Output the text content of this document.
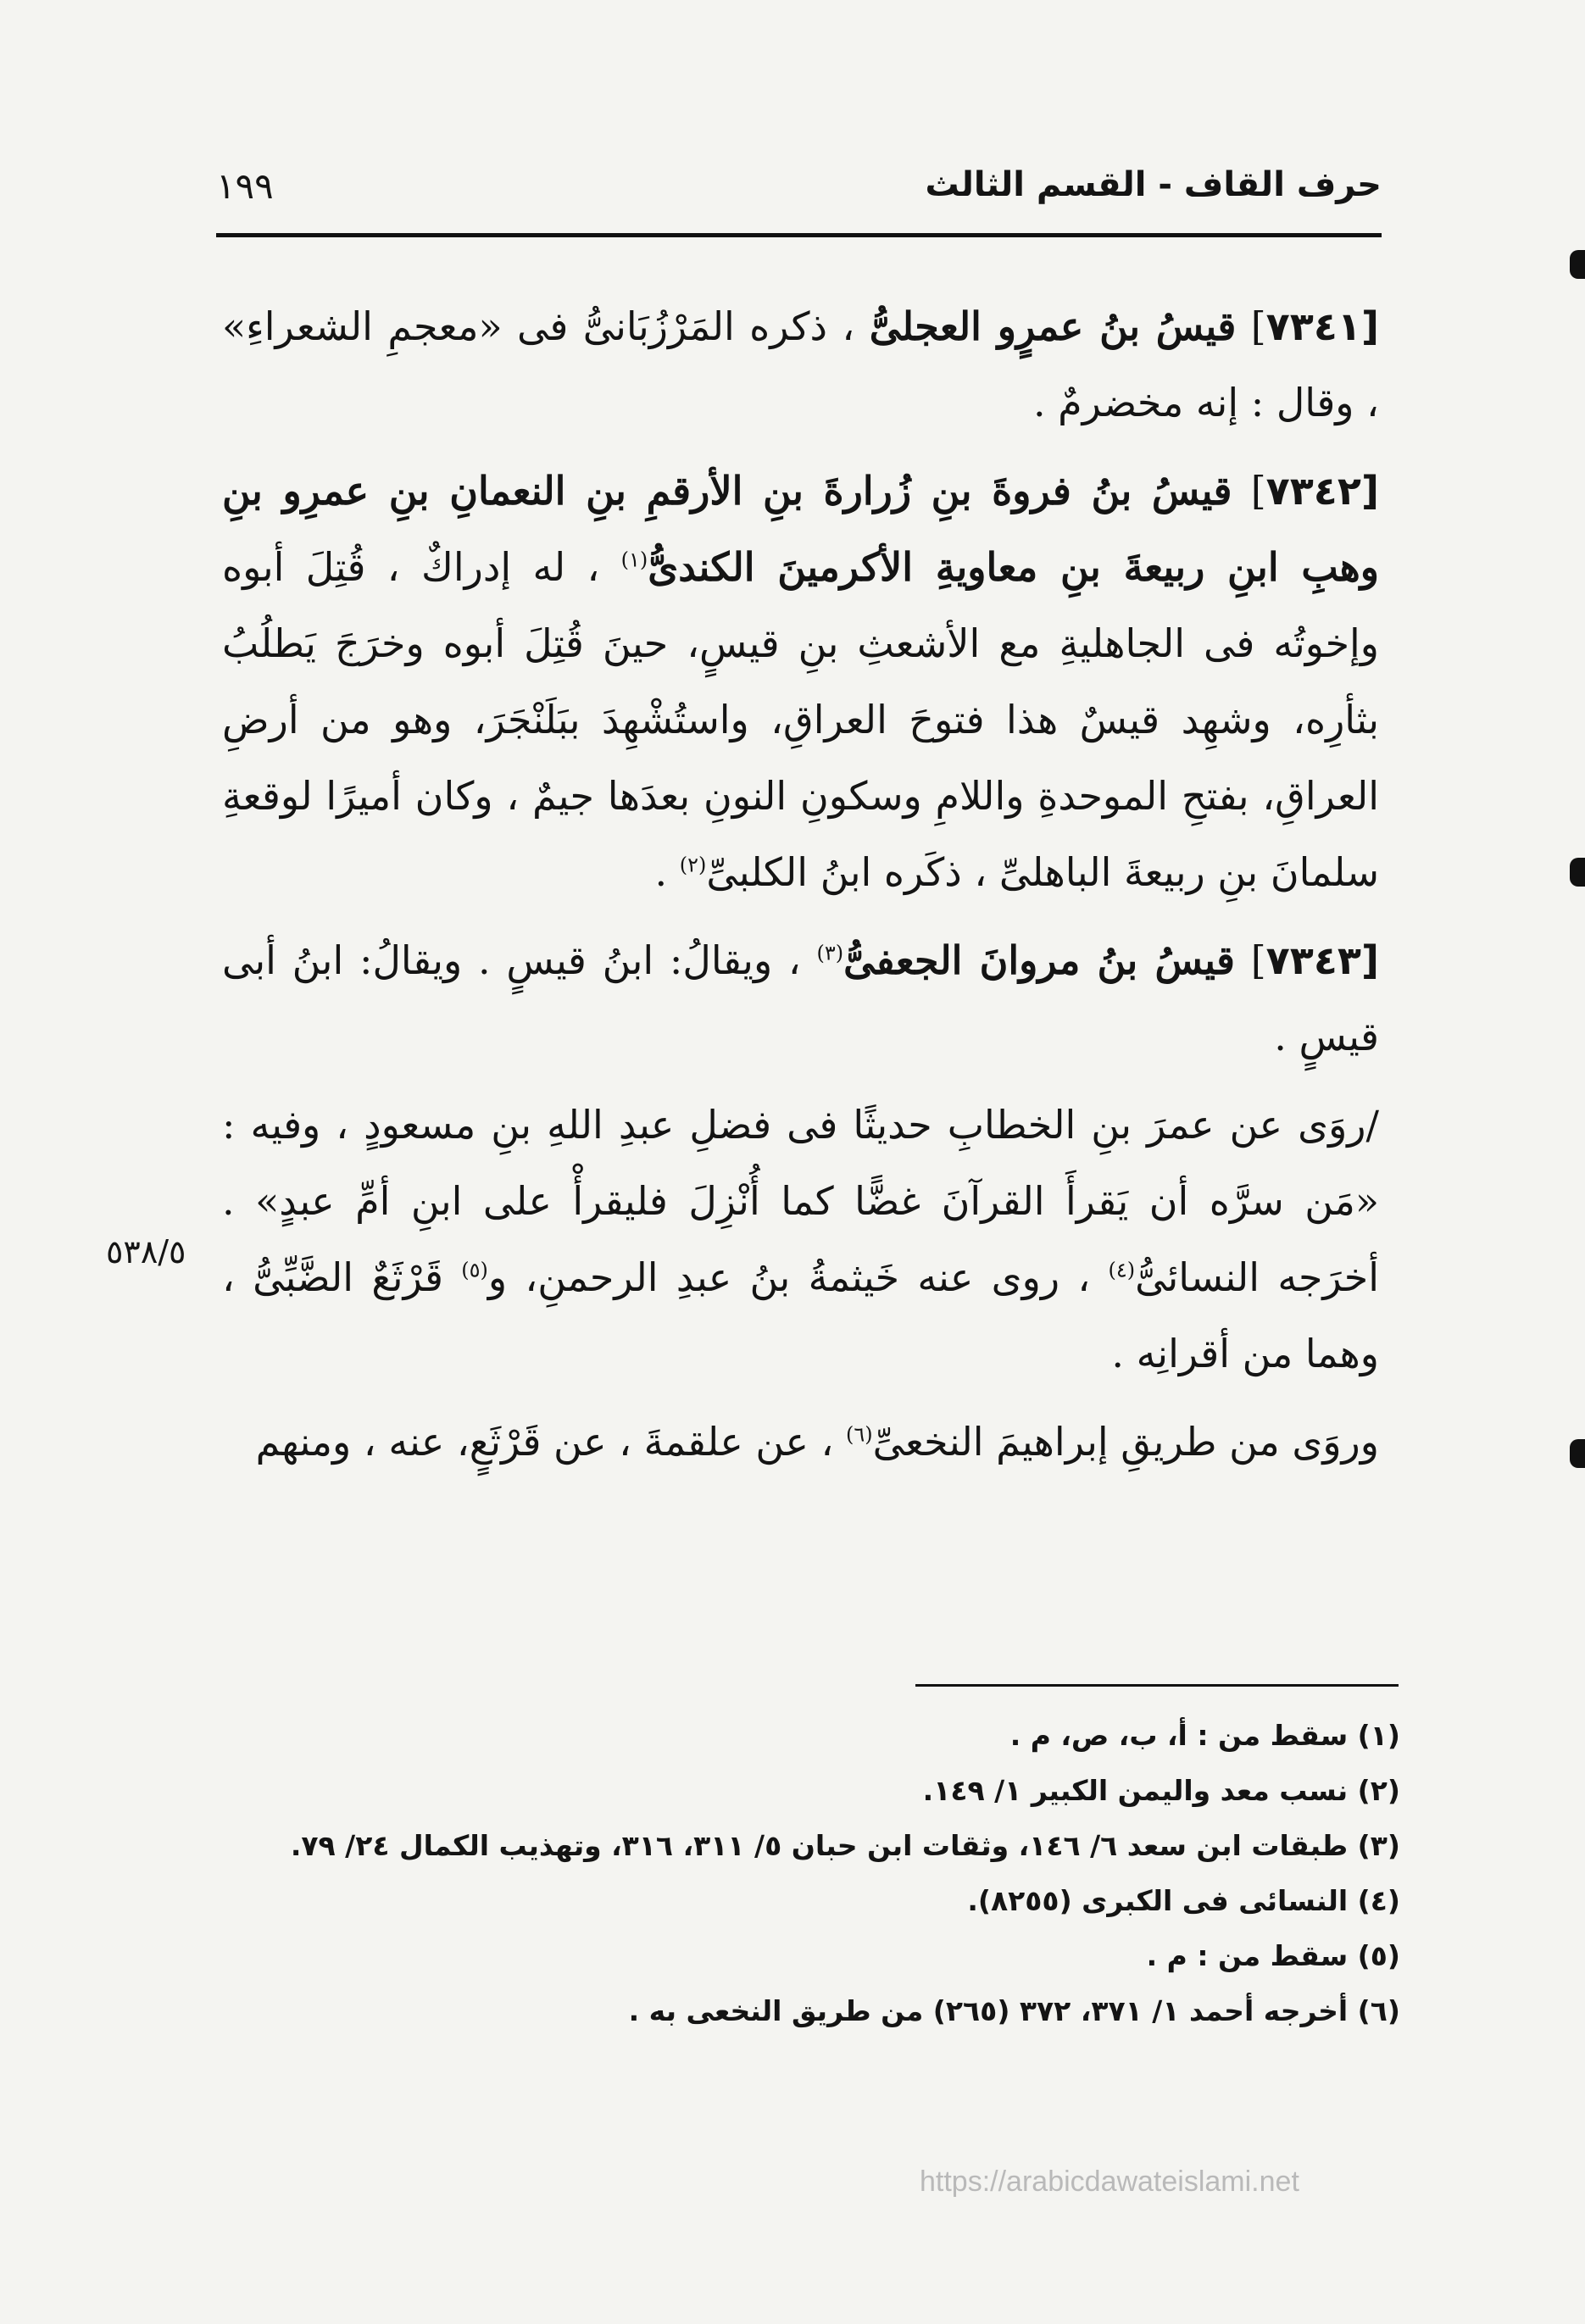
حرف القاف - القسم الثالث
١٩٩

[٧٣٤١] قيسُ بنُ عمرٍو العجلىُّ ، ذكره المَرْزُبَانىُّ فى «معجمِ الشعراءِ» ، وقال : إنه مخضرمٌ .

[٧٣٤٢] قيسُ بنُ فروةَ بنِ زُرارةَ بنِ الأرقمِ بنِ النعمانِ بنِ عمرِو بنِ وهبِ ابنِ ربيعةَ بنِ معاويةِ الأكرمينَ الكندىُّ$^{(١)}$ ، له إدراكٌ ، قُتِلَ أبوه وإخوتُه فى الجاهليةِ مع الأشعثِ بنِ قيسٍ، حينَ قُتِلَ أبوه وخرَجَ يَطلُبُ بثأرِه، وشهِد قيسٌ هذا فتوحَ العراقِ، واستُشْهِدَ ببَلَنْجَرَ، وهو من أرضِ العراقِ، بفتحِ الموحدةِ واللامِ وسكونِ النونِ بعدَها جيمٌ ، وكان أميرًا لوقعةِ سلمانَ بنِ ربيعةَ الباهلىِّ ، ذكَره ابنُ الكلبىِّ$^{(٢)}$ .

[٧٣٤٣] قيسُ بنُ مروانَ الجعفىُّ$^{(٣)}$ ، ويقالُ: ابنُ قيسٍ . ويقالُ: ابنُ أبى قيسٍ .

/روَى عن عمرَ بنِ الخطابِ حديثًا فى فضلِ عبدِ اللهِ بنِ مسعودٍ ، وفيه : «مَن سرَّه أن يَقرأَ القرآنَ غضًّا كما أُنْزِلَ فليقرأْ على ابنِ أمِّ عبدٍ» . أخرَجه النسائىُّ$^{(٤)}$ ، روى عنه خَيثمةُ بنُ عبدِ الرحمنِ، و$^{(٥)}$ قَرْثَعٌ الضَّبِّىُّ ، وهما من أقرانِه .

وروَى من طريقِ إبراهيمَ النخعىِّ$^{(٦)}$ ، عن علقمةَ ، عن قَرْثَعٍ، عنه ، ومنهم

٥٣٨/٥

(١) سقط من : أ، ب، ص، م .

(٢) نسب معد واليمن الكبير ١/ ١٤٩.

(٣) طبقات ابن سعد ٦/ ١٤٦، وثقات ابن حبان ٥/ ٣١١، ٣١٦، وتهذيب الكمال ٢٤/ ٧٩.

(٤) النسائى فى الكبرى (٨٢٥٥).

(٥) سقط من : م .

(٦) أخرجه أحمد ١/ ٣٧١، ٣٧٢ (٢٦٥) من طريق النخعى به .

https://arabicdawateislami.net
